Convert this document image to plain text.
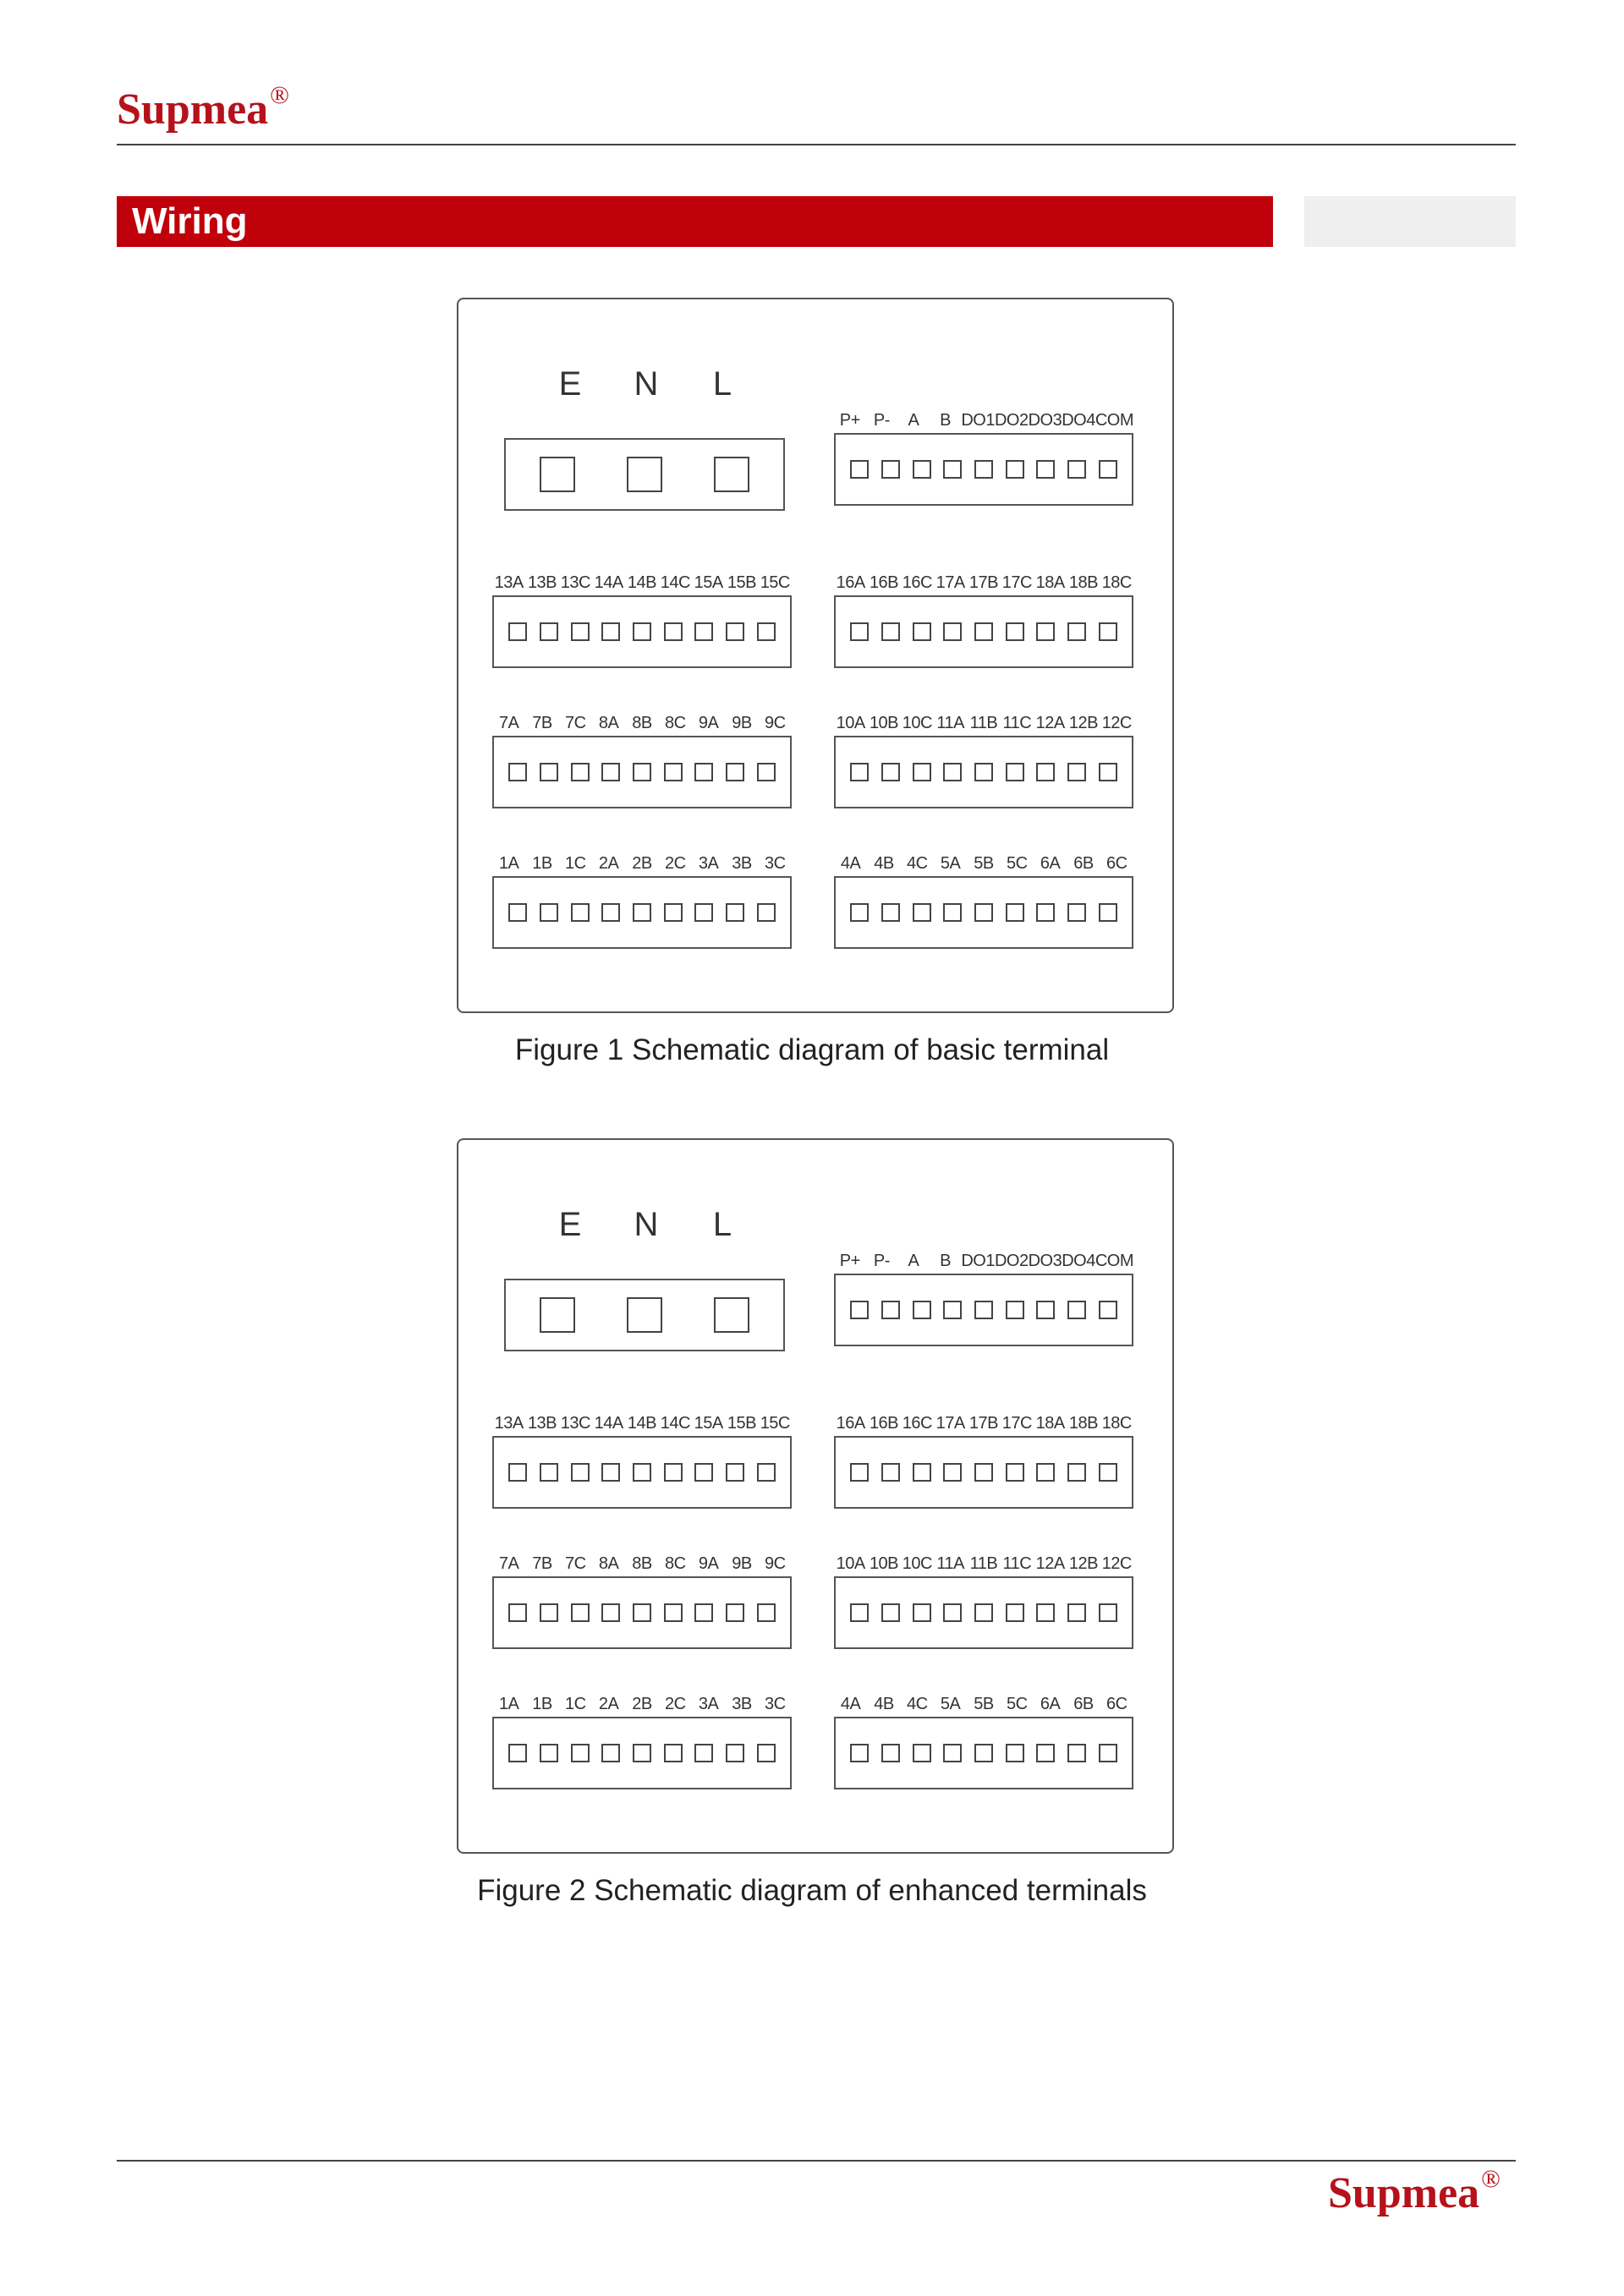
Supmea®
Wiring
E N L
P+ P-	A	B DO1 DO2 DO3 DO4 COM
13A 13B 13C 14A 14B 14C 15A 15B 15C	16A 16B 16C 17A 17B 17C 18A 18B 18C
7A 7B 7C 8A 8B 8C 9A 9B 9C	10A 10B 10C 11A 11B 11C 12A 12B 12C
1A 1B 1C 2A 2B 2C 3A 3B 3C	4A 4B 4C 5A 5B 5C 6A 6B 6C
Figure 1 Schematic diagram of basic terminal
E N L
P+ P-	A	B DO1 DO2 DO3 DO4 COM
13A 13B 13C 14A 14B 14C 15A 15B 15C	16A 16B 16C 17A 17B 17C 18A 18B 18C
7A 7B 7C 8A 8B 8C 9A 9B 9C	10A 10B 10C 11A 11B 11C 12A 12B 12C
1A 1B 1C 2A 2B 2C 3A 3B 3C	4A 4B 4C 5A 5B 5C 6A 6B 6C
Figure 2 Schematic diagram of enhanced terminals
Supmea®
